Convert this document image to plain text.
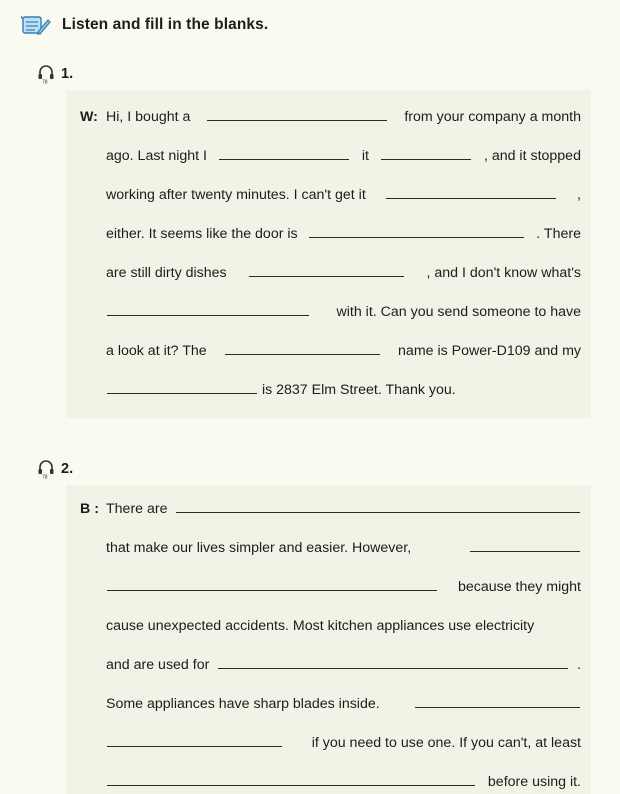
Listen and fill in the blanks.
78
1.
W: Hi, I bought a	from your company a month
ago. Last night I	it	, and it stopped
working after twenty minutes. I can't get it	,
either. It seems like the door is	. There
are still dirty dishes	, and I don't know what's
with it. Can you send someone to have
a look at it? The	name is Power-D109 and my
is 2837 Elm Street. Thank you.
78
2.
B : There are
that make our lives simpler and easier. However,
because they might
cause unexpected accidents. Most kitchen appliances use electricity
and are used for	.
Some appliances have sharp blades inside.
if you need to use one. If you can't, at least
before using it.
